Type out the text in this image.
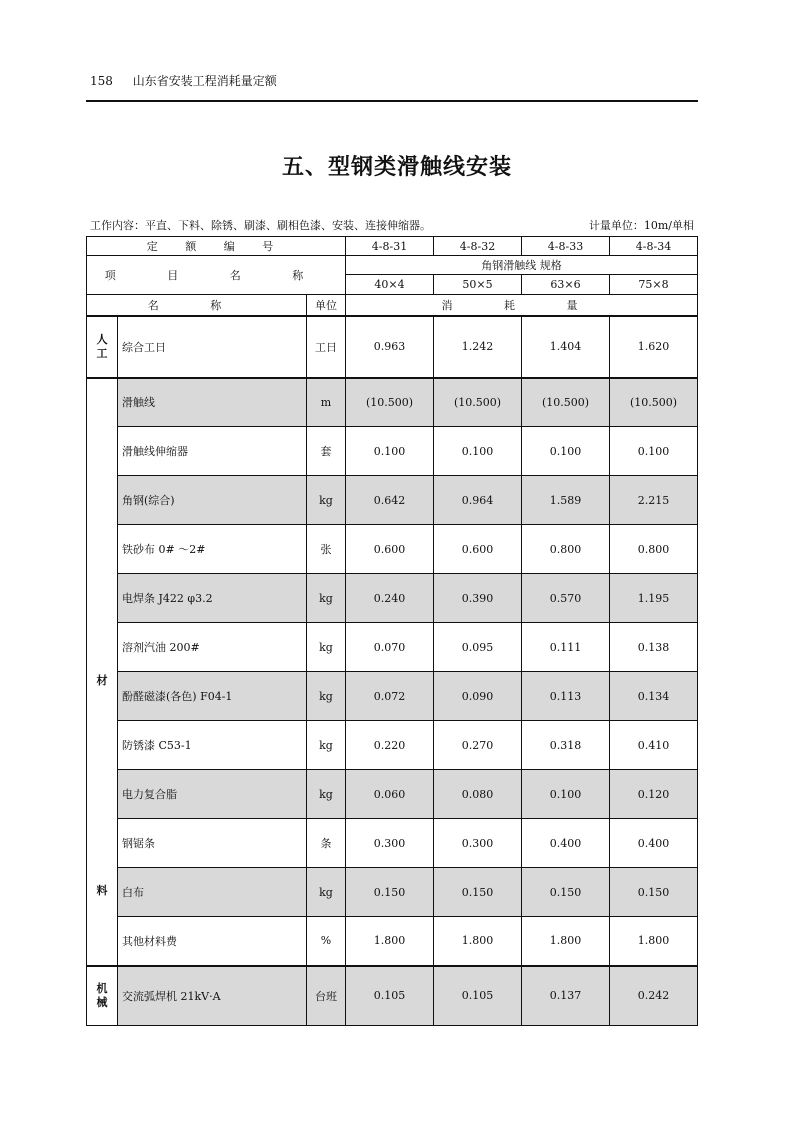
158 山东省安装工程消耗量定额
五、型钢类滑触线安装
工作内容：平直、下料、除锈、刷漆、刷相色漆、安装、连接伸缩器。	计量单位：10m/单相
定 额 编 号			4-8-31	4-8-32	4-8-33	4-8-34
项 目 名 称			角钢滑触线 规格			
			40×4	50×5	63×6	75×8
名 称		单位	消 耗 量			
人
工	综合工日	工日	0.963	1.242	1.404	1.620

材
料	滑触线	m	(10.500)	(10.500)	(10.500)	(10.500)
	滑触线伸缩器	套	0.100	0.100	0.100	0.100
	角钢(综合)	kg	0.642	0.964	1.589	2.215
	铁砂布 0# ～2#	张	0.600	0.600	0.800	0.800
	电焊条 J422 φ3.2	kg	0.240	0.390	0.570	1.195
	溶剂汽油 200#	kg	0.070	0.095	0.111	0.138
	酚醛磁漆(各色) F04-1	kg	0.072	0.090	0.113	0.134
	防锈漆 C53-1	kg	0.220	0.270	0.318	0.410
	电力复合脂	kg	0.060	0.080	0.100	0.120
	钢锯条	条	0.300	0.300	0.400	0.400
	白布	kg	0.150	0.150	0.150	0.150
	其他材料费	%	1.800	1.800	1.800	1.800
机
械	交流弧焊机 21kV·A	台班	0.105	0.105	0.137	0.242
